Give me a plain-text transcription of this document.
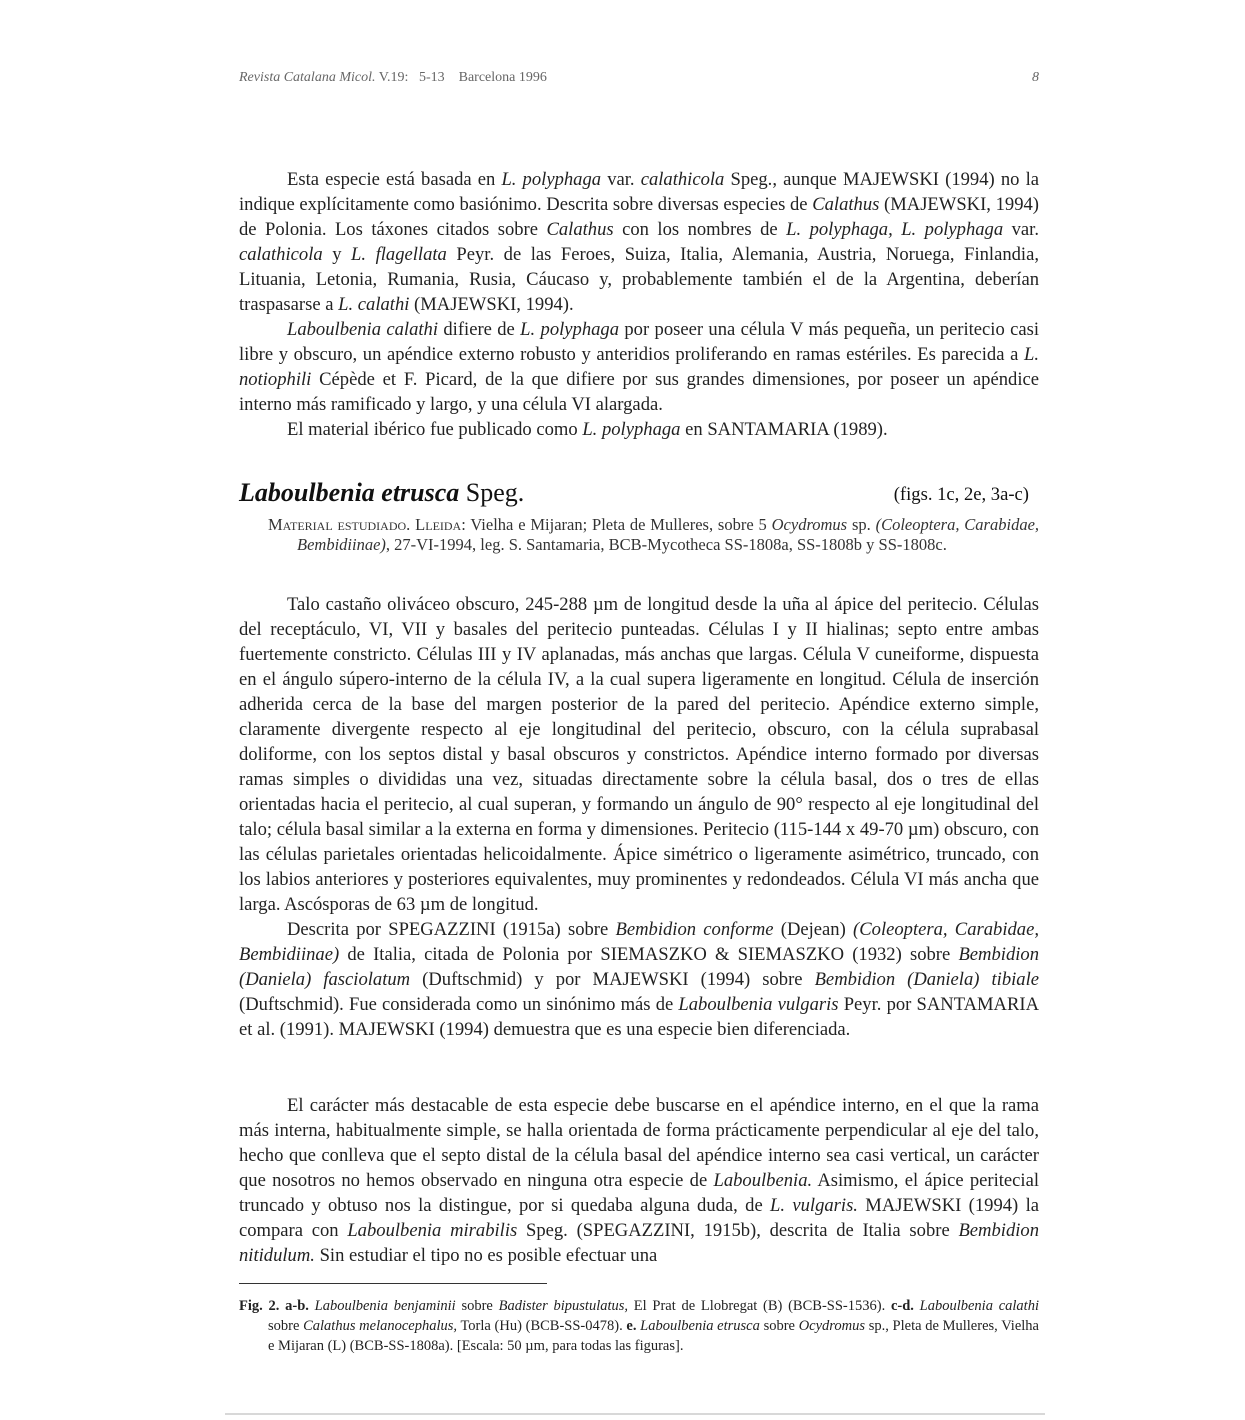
Revista Catalana Micol. V.19: 5-13 Barcelona 1996	8

Esta especie está basada en L. polyphaga var. calathicola Speg., aunque MAJEWSKI (1994) no la indique explícitamente como basiónimo. Descrita sobre diversas especies de Calathus (MAJEWSKI, 1994) de Polonia. Los táxones citados sobre Calathus con los nombres de L. polyphaga, L. polyphaga var. calathicola y L. flagellata Peyr. de las Feroes, Suiza, Italia, Alemania, Austria, Noruega, Finlandia, Lituania, Letonia, Rumania, Rusia, Cáucaso y, probablemente también el de la Argentina, deberían traspasarse a L. calathi (MAJEWSKI, 1994).

Laboulbenia calathi difiere de L. polyphaga por poseer una célula V más pequeña, un peritecio casi libre y obscuro, un apéndice externo robusto y anteridios proliferando en ramas estériles. Es parecida a L. notiophili Cépède et F. Picard, de la que difiere por sus grandes dimensiones, por poseer un apéndice interno más ramificado y largo, y una célula VI alargada.

El material ibérico fue publicado como L. polyphaga en SANTAMARIA (1989).

Laboulbenia etrusca Speg.	(figs. 1c, 2e, 3a-c)

Material estudiado. Lleida: Vielha e Mijaran; Pleta de Mulleres, sobre 5 Ocydromus sp. (Coleoptera, Carabidae, Bembidiinae), 27-VI-1994, leg. S. Santamaria, BCB-Mycotheca SS-1808a, SS-1808b y SS-1808c.

Talo castaño oliváceo obscuro, 245-288 µm de longitud desde la uña al ápice del peritecio. Células del receptáculo, VI, VII y basales del peritecio punteadas. Células I y II hialinas; septo entre ambas fuertemente constricto. Células III y IV aplanadas, más anchas que largas. Célula V cuneiforme, dispuesta en el ángulo súpero-interno de la célula IV, a la cual supera ligeramente en longitud. Célula de inserción adherida cerca de la base del margen posterior de la pared del peritecio. Apéndice externo simple, claramente divergente respecto al eje longitudinal del peritecio, obscuro, con la célula suprabasal doliforme, con los septos distal y basal obscuros y constrictos. Apéndice interno formado por diversas ramas simples o divididas una vez, situadas directamente sobre la célula basal, dos o tres de ellas orientadas hacia el peritecio, al cual superan, y formando un ángulo de 90° respecto al eje longitudinal del talo; célula basal similar a la externa en forma y dimensiones. Peritecio (115-144 x 49-70 µm) obscuro, con las células parietales orientadas helicoidalmente. Ápice simétrico o ligeramente asimétrico, truncado, con los labios anteriores y posteriores equivalentes, muy prominentes y redondeados. Célula VI más ancha que larga. Ascósporas de 63 µm de longitud.

Descrita por SPEGAZZINI (1915a) sobre Bembidion conforme (Dejean) (Coleoptera, Carabidae, Bembidiinae) de Italia, citada de Polonia por SIEMASZKO & SIEMASZKO (1932) sobre Bembidion (Daniela) fasciolatum (Duftschmid) y por MAJEWSKI (1994) sobre Bembidion (Daniela) tibiale (Duftschmid). Fue considerada como un sinónimo más de Laboulbenia vulgaris Peyr. por SANTAMARIA et al. (1991). MAJEWSKI (1994) demuestra que es una especie bien diferenciada.

El carácter más destacable de esta especie debe buscarse en el apéndice interno, en el que la rama más interna, habitualmente simple, se halla orientada de forma prácticamente perpendicular al eje del talo, hecho que conlleva que el septo distal de la célula basal del apéndice interno sea casi vertical, un carácter que nosotros no hemos observado en ninguna otra especie de Laboulbenia. Asimismo, el ápice peritecial truncado y obtuso nos la distingue, por si quedaba alguna duda, de L. vulgaris. MAJEWSKI (1994) la compara con Laboulbenia mirabilis Speg. (SPEGAZZINI, 1915b), descrita de Italia sobre Bembidion nitidulum. Sin estudiar el tipo no es posible efectuar una

Fig. 2. a-b. Laboulbenia benjaminii sobre Badister bipustulatus, El Prat de Llobregat (B) (BCB-SS-1536). c-d. Laboulbenia calathi sobre Calathus melanocephalus, Torla (Hu) (BCB-SS-0478). e. Laboulbenia etrusca sobre Ocydromus sp., Pleta de Mulleres, Vielha e Mijaran (L) (BCB-SS-1808a). [Escala: 50 µm, para todas las figuras].
